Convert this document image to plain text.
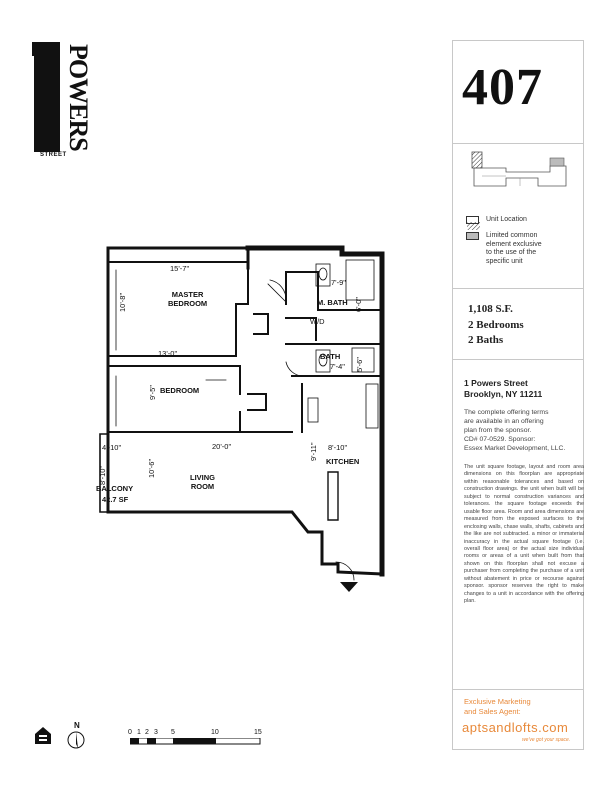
POWERS
STREET
407
Unit Location
Limited common
element exclusive
to the use of the
specific unit
1,108 S.F.
2 Bedrooms
2 Baths
1 Powers Street
Brooklyn, NY 11211
The complete offering terms
are available in an offering
plan from the sponsor.
CD# 07-0529. Sponsor:
Essex Market Development, LLC.
The unit square footage, layout and room area dimensions on this floorplan are appropriate within reasonable tolerances and based on construction drawings. the unit when built will be subject to normal construction variances and tolerances. the square footage exceeds the usable floor area. Room and area dimensions are measured from the exposed surfaces to the enclosing walls, chase walls, shafts, cabinets and the like are not subtracted. a minor or immaterial inaccuracy in the actual square footage (i.e. overall floor area) or the actual size individual rooms or areas of a unit when built from that shown on this floorplan shall not excuse a purchaser from completing the purchase of a unit without abatement in price or recourse against sponsor. sponsor reserves the right to make changes to a unit in accordance with the offering plan.
Exclusive Marketing
and Sales Agent:
aptsandlofts.com
we've got your space.
MASTER
BEDROOM
BEDROOM
LIVING
ROOM
KITCHEN
M. BATH
BATH
W/D
BALCONY
42.7 SF
15'-7"
10'-8"
7'-9"
6'-0"
13'-0"
9'-5"
7'-4" 5'-6"
8'-10"
9'-11"
20'-0"
10'-6"
4'-10"
8'-10"
N
0 1 2 3 5	10	15
